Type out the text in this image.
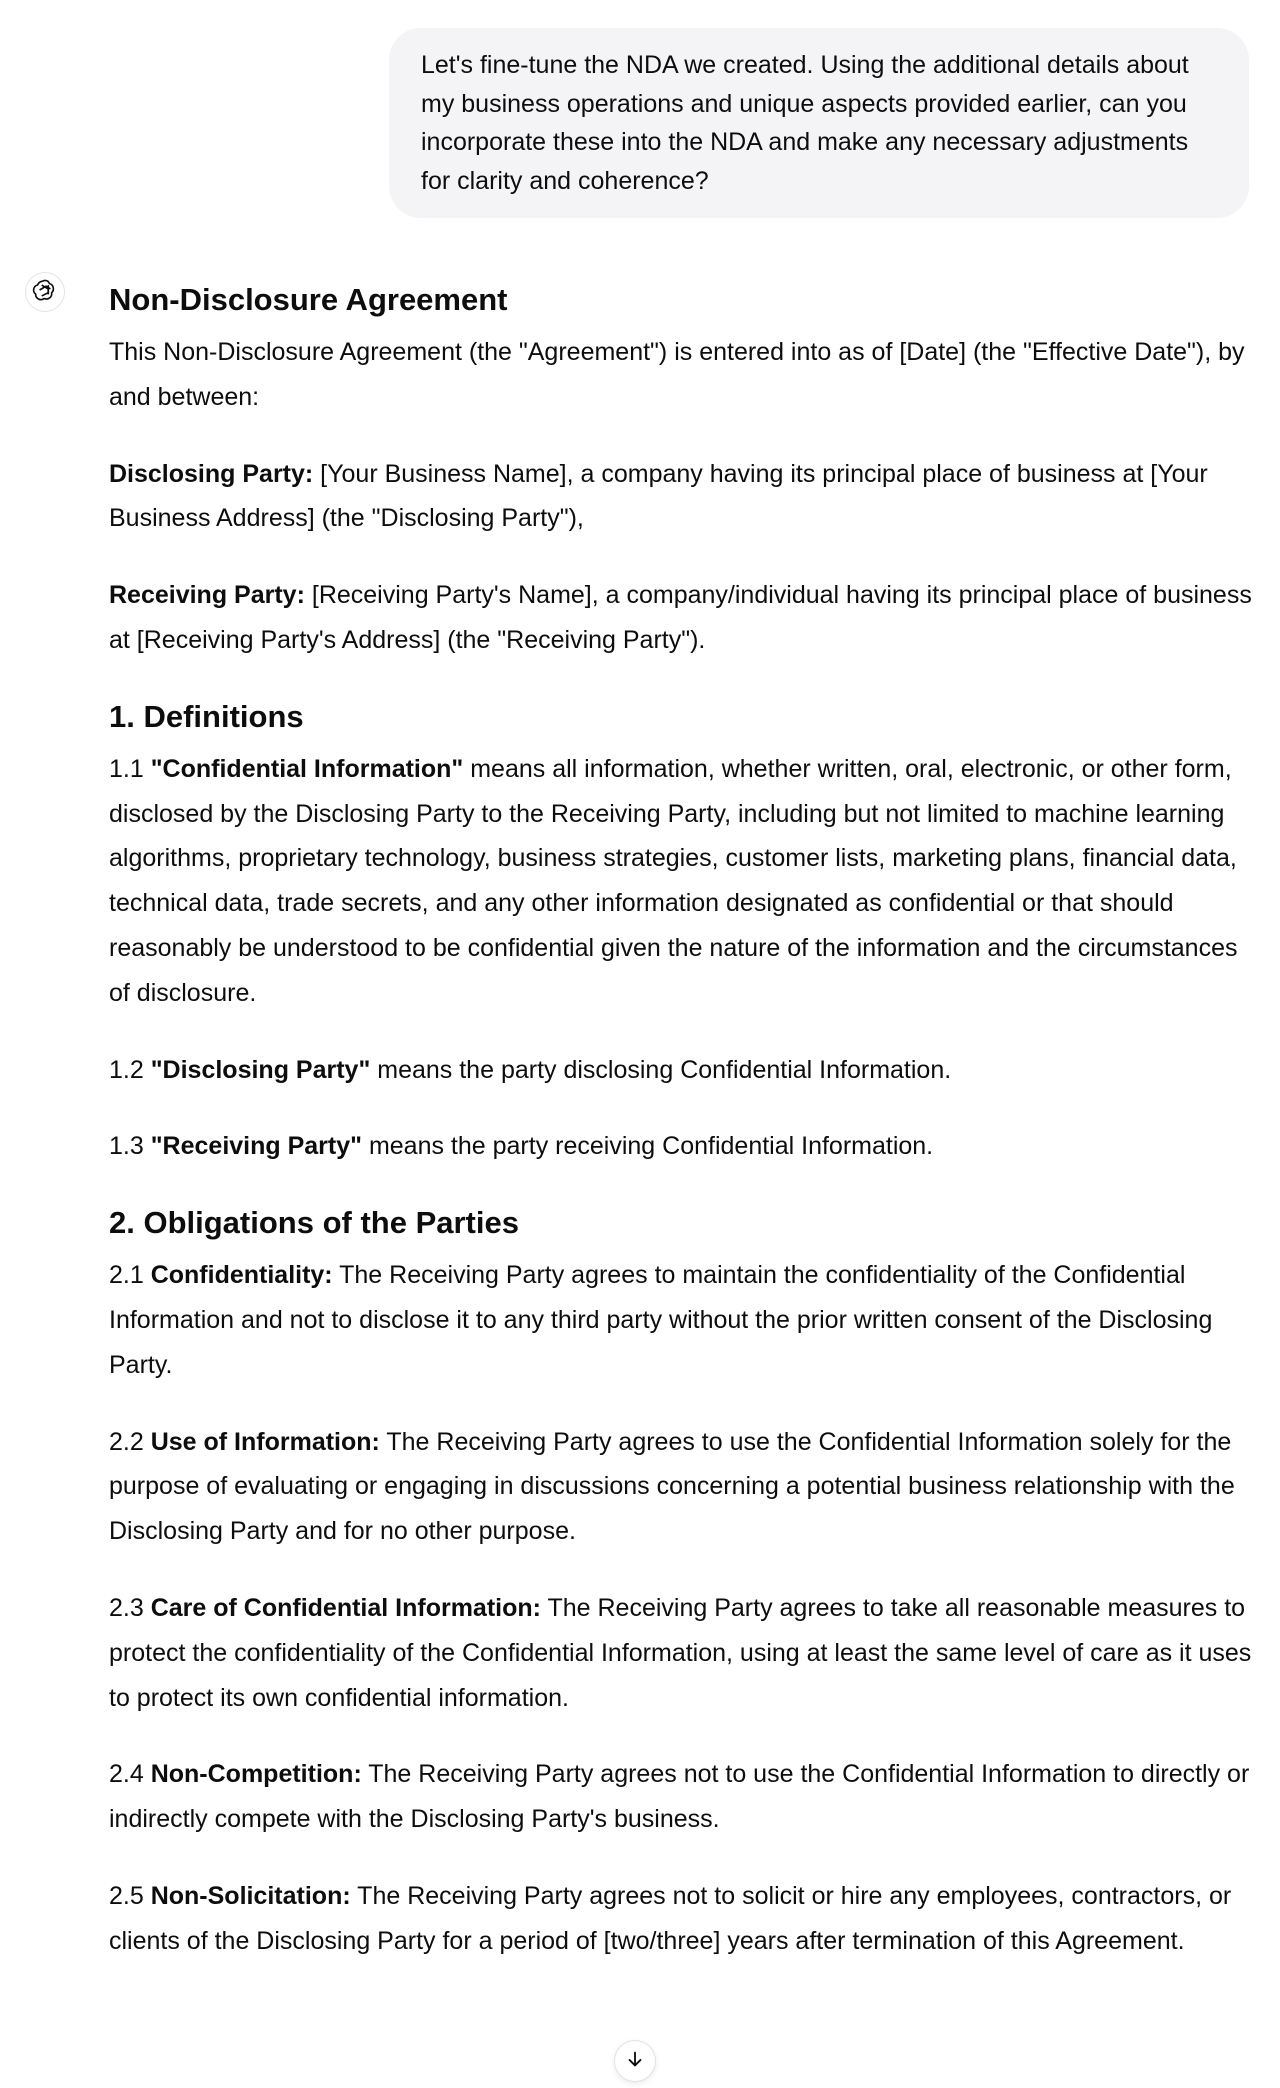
Let's fine-tune the NDA we created. Using the additional details about my business operations and unique aspects provided earlier, can you incorporate these into the NDA and make any necessary adjustments for clarity and coherence?
Non-Disclosure Agreement

This Non-Disclosure Agreement (the "Agreement") is entered into as of [Date] (the "Effective Date"), by and between:

Disclosing Party: [Your Business Name], a company having its principal place of business at [Your Business Address] (the "Disclosing Party"),

Receiving Party: [Receiving Party's Name], a company/individual having its principal place of business at [Receiving Party's Address] (the "Receiving Party").

1. Definitions

1.1 "Confidential Information" means all information, whether written, oral, electronic, or other form, disclosed by the Disclosing Party to the Receiving Party, including but not limited to machine learning algorithms, proprietary technology, business strategies, customer lists, marketing plans, financial data, technical data, trade secrets, and any other information designated as confidential or that should reasonably be understood to be confidential given the nature of the information and the circumstances of disclosure.

1.2 "Disclosing Party" means the party disclosing Confidential Information.

1.3 "Receiving Party" means the party receiving Confidential Information.

2. Obligations of the Parties

2.1 Confidentiality: The Receiving Party agrees to maintain the confidentiality of the Confidential Information and not to disclose it to any third party without the prior written consent of the Disclosing Party.

2.2 Use of Information: The Receiving Party agrees to use the Confidential Information solely for the purpose of evaluating or engaging in discussions concerning a potential business relationship with the Disclosing Party and for no other purpose.

2.3 Care of Confidential Information: The Receiving Party agrees to take all reasonable measures to protect the confidentiality of the Confidential Information, using at least the same level of care as it uses to protect its own confidential information.

2.4 Non-Competition: The Receiving Party agrees not to use the Confidential Information to directly or indirectly compete with the Disclosing Party's business.

2.5 Non-Solicitation: The Receiving Party agrees not to solicit or hire any employees, contractors, or clients of the Disclosing Party for a period of [two/three] years after termination of this Agreement.
